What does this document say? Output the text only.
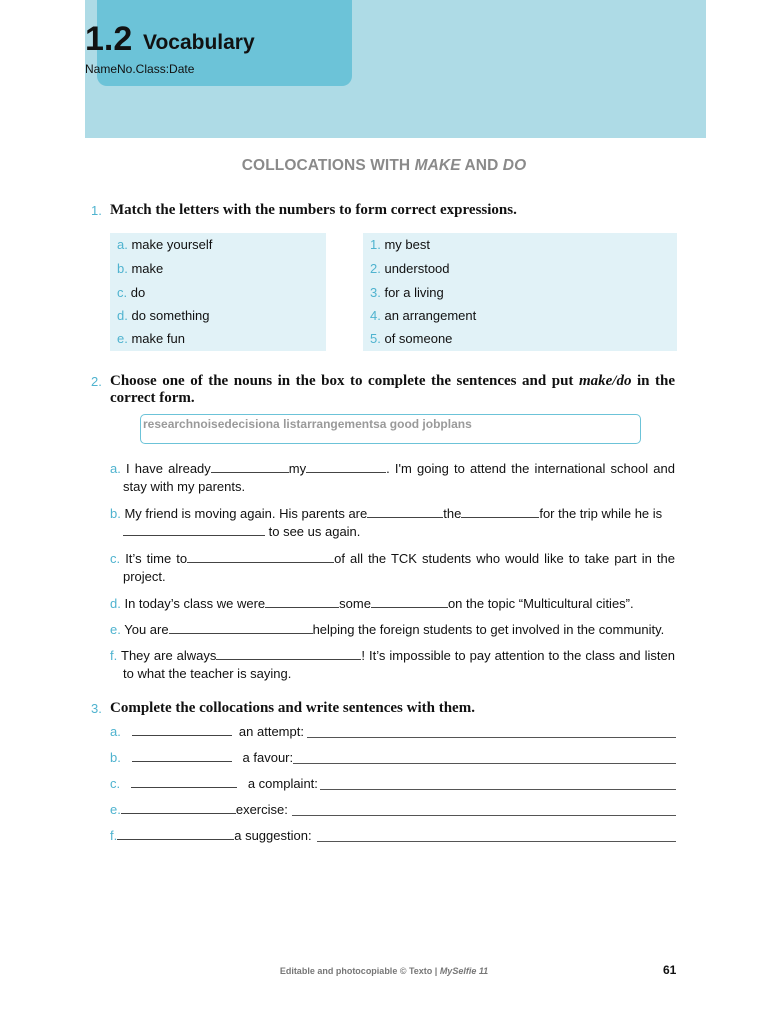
1.2 Vocabulary
NameNo.Class:Date
COLLOCATIONS WITH MAKE AND DO
1. Match the letters with the numbers to form correct expressions.
a. make yourself
b. make
c. do
d. do something
e. make fun
1. my best
2. understood
3. for a living
4. an arrangement
5. of someone
2. Choose one of the nouns in the box to complete the sentences and put make/do in the correct form.
researchnoisedecisiona listarrangementsa good jobplans
a. I have already	my	. I'm going to attend the international school and stay with my parents.
b. My friend is moving again. His parents are	the	for the trip while he is
to see us again.
c. It’s time to	of all the TCK students who would like to take part in the project.
d. In today’s class we were	some	on the topic “Multicultural cities”.
e. You are	helping the foreign students to get involved in the community.
f. They are always	! It’s impossible to pay attention to the class and listen to what the teacher is saying.
3. Complete the collocations and write sentences with them.
a.	an attempt:
b.	a favour:
c.	a complaint:
e.	exercise:
f.	a suggestion:
Editable and photocopiable © Texto | MySelfie 11	61
